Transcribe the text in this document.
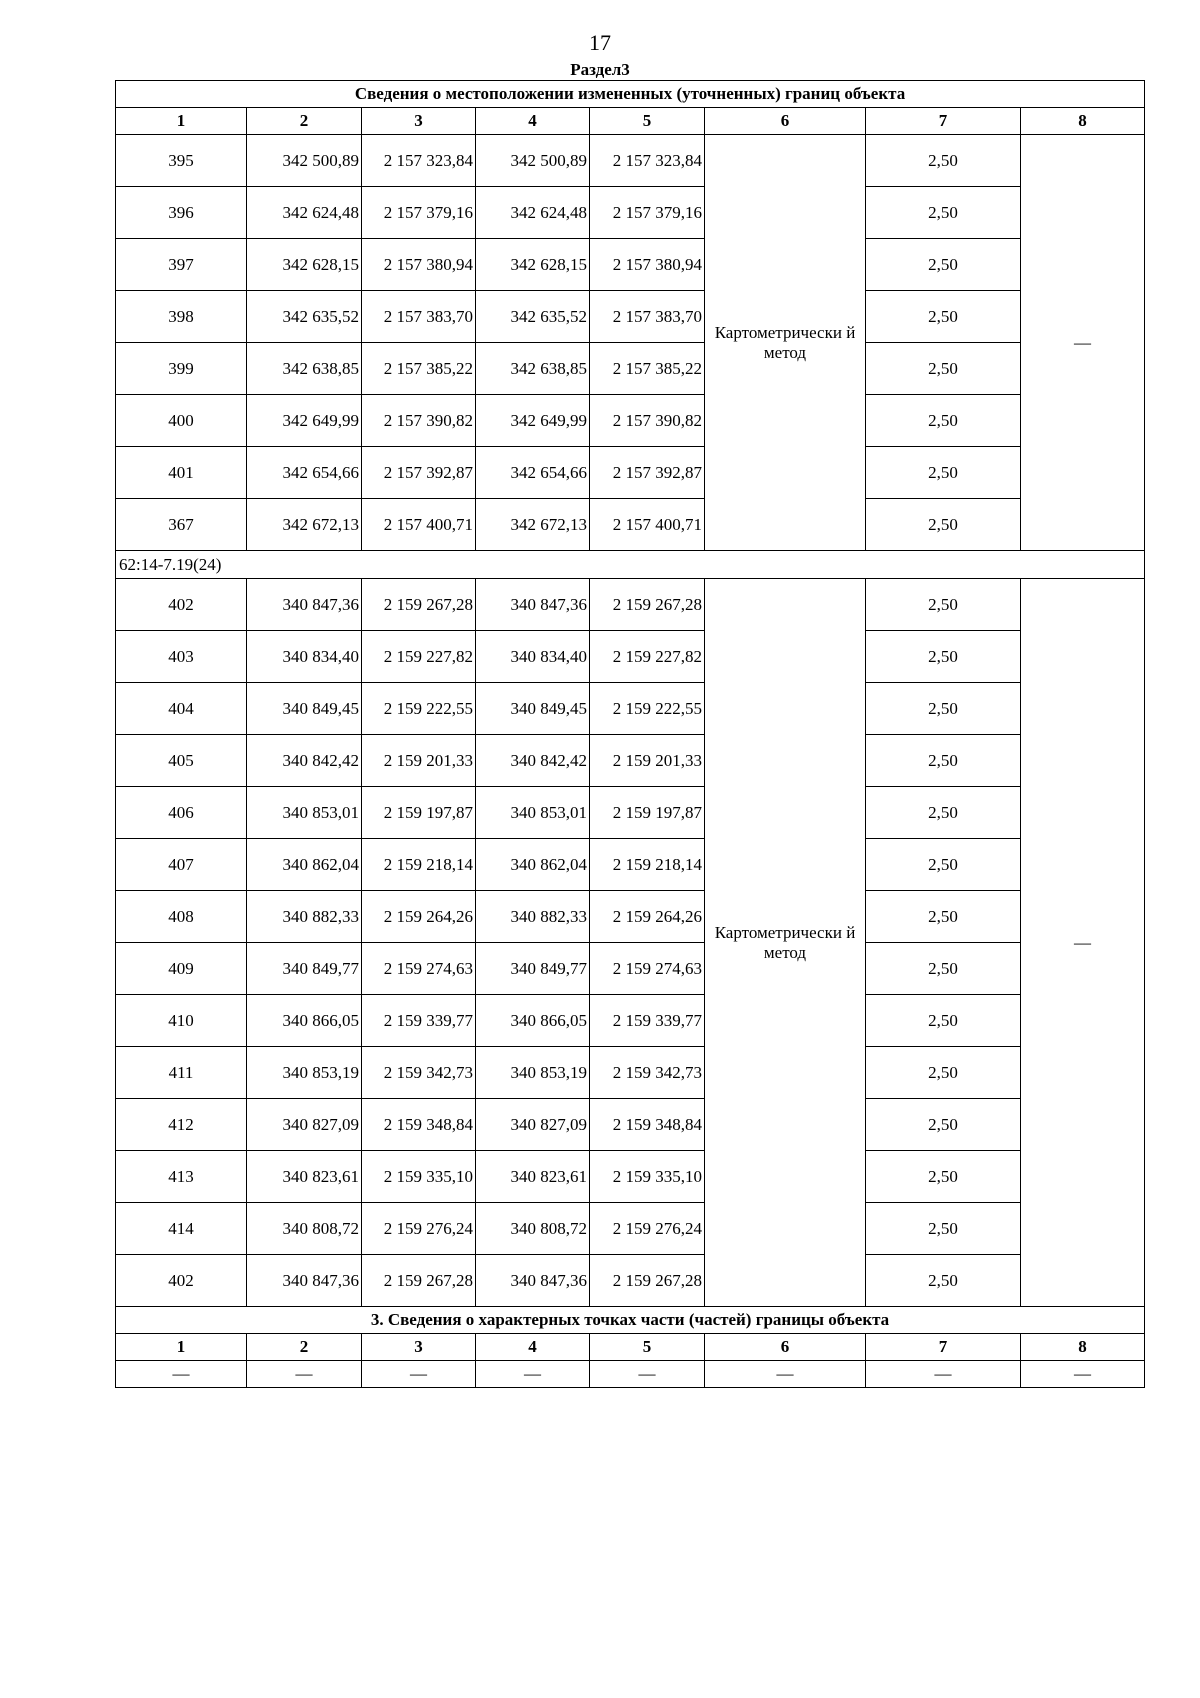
17
Раздел3
Сведения о местоположении измененных (уточненных) границ объекта							
1	2	3	4	5	6	7	8
395	342 500,89	2 157 323,84	342 500,89	2 157 323,84	Картометрически й метод	2,50	—
396	342 624,48	2 157 379,16	342 624,48	2 157 379,16		2,50	
397	342 628,15	2 157 380,94	342 628,15	2 157 380,94		2,50	
398	342 635,52	2 157 383,70	342 635,52	2 157 383,70		2,50	
399	342 638,85	2 157 385,22	342 638,85	2 157 385,22		2,50	
400	342 649,99	2 157 390,82	342 649,99	2 157 390,82		2,50	
401	342 654,66	2 157 392,87	342 654,66	2 157 392,87		2,50	
367	342 672,13	2 157 400,71	342 672,13	2 157 400,71		2,50	
62:14-7.19(24)							
402	340 847,36	2 159 267,28	340 847,36	2 159 267,28	Картометрически й метод	2,50	—
403	340 834,40	2 159 227,82	340 834,40	2 159 227,82		2,50	
404	340 849,45	2 159 222,55	340 849,45	2 159 222,55		2,50	
405	340 842,42	2 159 201,33	340 842,42	2 159 201,33		2,50	
406	340 853,01	2 159 197,87	340 853,01	2 159 197,87		2,50	
407	340 862,04	2 159 218,14	340 862,04	2 159 218,14		2,50	
408	340 882,33	2 159 264,26	340 882,33	2 159 264,26		2,50	
409	340 849,77	2 159 274,63	340 849,77	2 159 274,63		2,50	
410	340 866,05	2 159 339,77	340 866,05	2 159 339,77		2,50	
411	340 853,19	2 159 342,73	340 853,19	2 159 342,73		2,50	
412	340 827,09	2 159 348,84	340 827,09	2 159 348,84		2,50	
413	340 823,61	2 159 335,10	340 823,61	2 159 335,10		2,50	
414	340 808,72	2 159 276,24	340 808,72	2 159 276,24		2,50	
402	340 847,36	2 159 267,28	340 847,36	2 159 267,28		2,50	
3. Сведения о характерных точках части (частей) границы объекта							
1	2	3	4	5	6	7	8
—	—	—	—	—	—	—	—
